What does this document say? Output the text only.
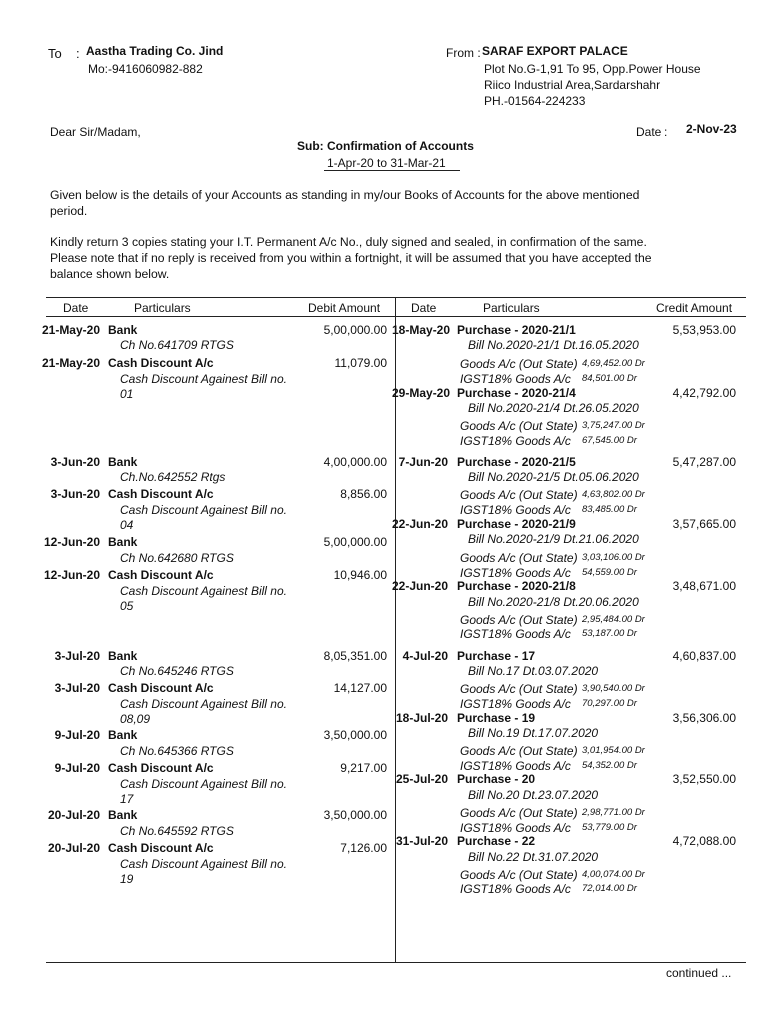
To : Aastha Trading Co. Jind
Mo:-9416060982-882
From : SARAF EXPORT PALACE
Plot No.G-1,91 To 95, Opp.Power House
Riico Industrial Area,Sardarshahr
PH.-01564-224233
Dear Sir/Madam,	Date : 2-Nov-23
Sub: Confirmation of Accounts
1-Apr-20 to 31-Mar-21
Given below is the details of your Accounts as standing in my/our Books of Accounts for the above mentioned
period.
Kindly return 3 copies stating your I.T. Permanent A/c No., duly signed and sealed, in confirmation of the same.
Please note that if no reply is received from you within a fortnight, it will be assumed that you have accepted the
balance shown below.
Date	Particulars	Debit Amount	Date	Particulars	Credit Amount
21-May-20 Bank	5,00,000.00
Ch No.641709 RTGS
21-May-20 Cash Discount A/c	11,079.00
Cash Discount Againest Bill no.
01
3-Jun-20 Bank	4,00,000.00
Ch.No.642552 Rtgs
3-Jun-20 Cash Discount A/c	8,856.00
Cash Discount Againest Bill no.
04
12-Jun-20 Bank	5,00,000.00
Ch No.642680 RTGS
12-Jun-20 Cash Discount A/c	10,946.00
Cash Discount Againest Bill no.
05
3-Jul-20 Bank	8,05,351.00
Ch No.645246 RTGS
3-Jul-20 Cash Discount A/c	14,127.00
Cash Discount Againest Bill no.
08,09
9-Jul-20 Bank	3,50,000.00
Ch No.645366 RTGS
9-Jul-20 Cash Discount A/c	9,217.00
Cash Discount Againest Bill no.
17
20-Jul-20 Bank	3,50,000.00
Ch No.645592 RTGS
20-Jul-20 Cash Discount A/c	7,126.00
Cash Discount Againest Bill no.
19
18-May-20 Purchase - 2020-21/1	5,53,953.00
Bill No.2020-21/1 Dt.16.05.2020
Goods A/c (Out State) 4,69,452.00 Dr
IGST18% Goods A/c 84,501.00 Dr
29-May-20 Purchase - 2020-21/4	4,42,792.00
Bill No.2020-21/4 Dt.26.05.2020
Goods A/c (Out State) 3,75,247.00 Dr
IGST18% Goods A/c 67,545.00 Dr
7-Jun-20 Purchase - 2020-21/5	5,47,287.00
Bill No.2020-21/5 Dt.05.06.2020
Goods A/c (Out State) 4,63,802.00 Dr
IGST18% Goods A/c 83,485.00 Dr
22-Jun-20 Purchase - 2020-21/9	3,57,665.00
Bill No.2020-21/9 Dt.21.06.2020
Goods A/c (Out State) 3,03,106.00 Dr
IGST18% Goods A/c 54,559.00 Dr
22-Jun-20 Purchase - 2020-21/8	3,48,671.00
Bill No.2020-21/8 Dt.20.06.2020
Goods A/c (Out State) 2,95,484.00 Dr
IGST18% Goods A/c 53,187.00 Dr
4-Jul-20 Purchase - 17	4,60,837.00
Bill No.17 Dt.03.07.2020
Goods A/c (Out State) 3,90,540.00 Dr
IGST18% Goods A/c 70,297.00 Dr
18-Jul-20 Purchase - 19	3,56,306.00
Bill No.19 Dt.17.07.2020
Goods A/c (Out State) 3,01,954.00 Dr
IGST18% Goods A/c 54,352.00 Dr
25-Jul-20 Purchase - 20	3,52,550.00
Bill No.20 Dt.23.07.2020
Goods A/c (Out State) 2,98,771.00 Dr
IGST18% Goods A/c 53,779.00 Dr
31-Jul-20 Purchase - 22	4,72,088.00
Bill No.22 Dt.31.07.2020
Goods A/c (Out State) 4,00,074.00 Dr
IGST18% Goods A/c 72,014.00 Dr
continued ...
